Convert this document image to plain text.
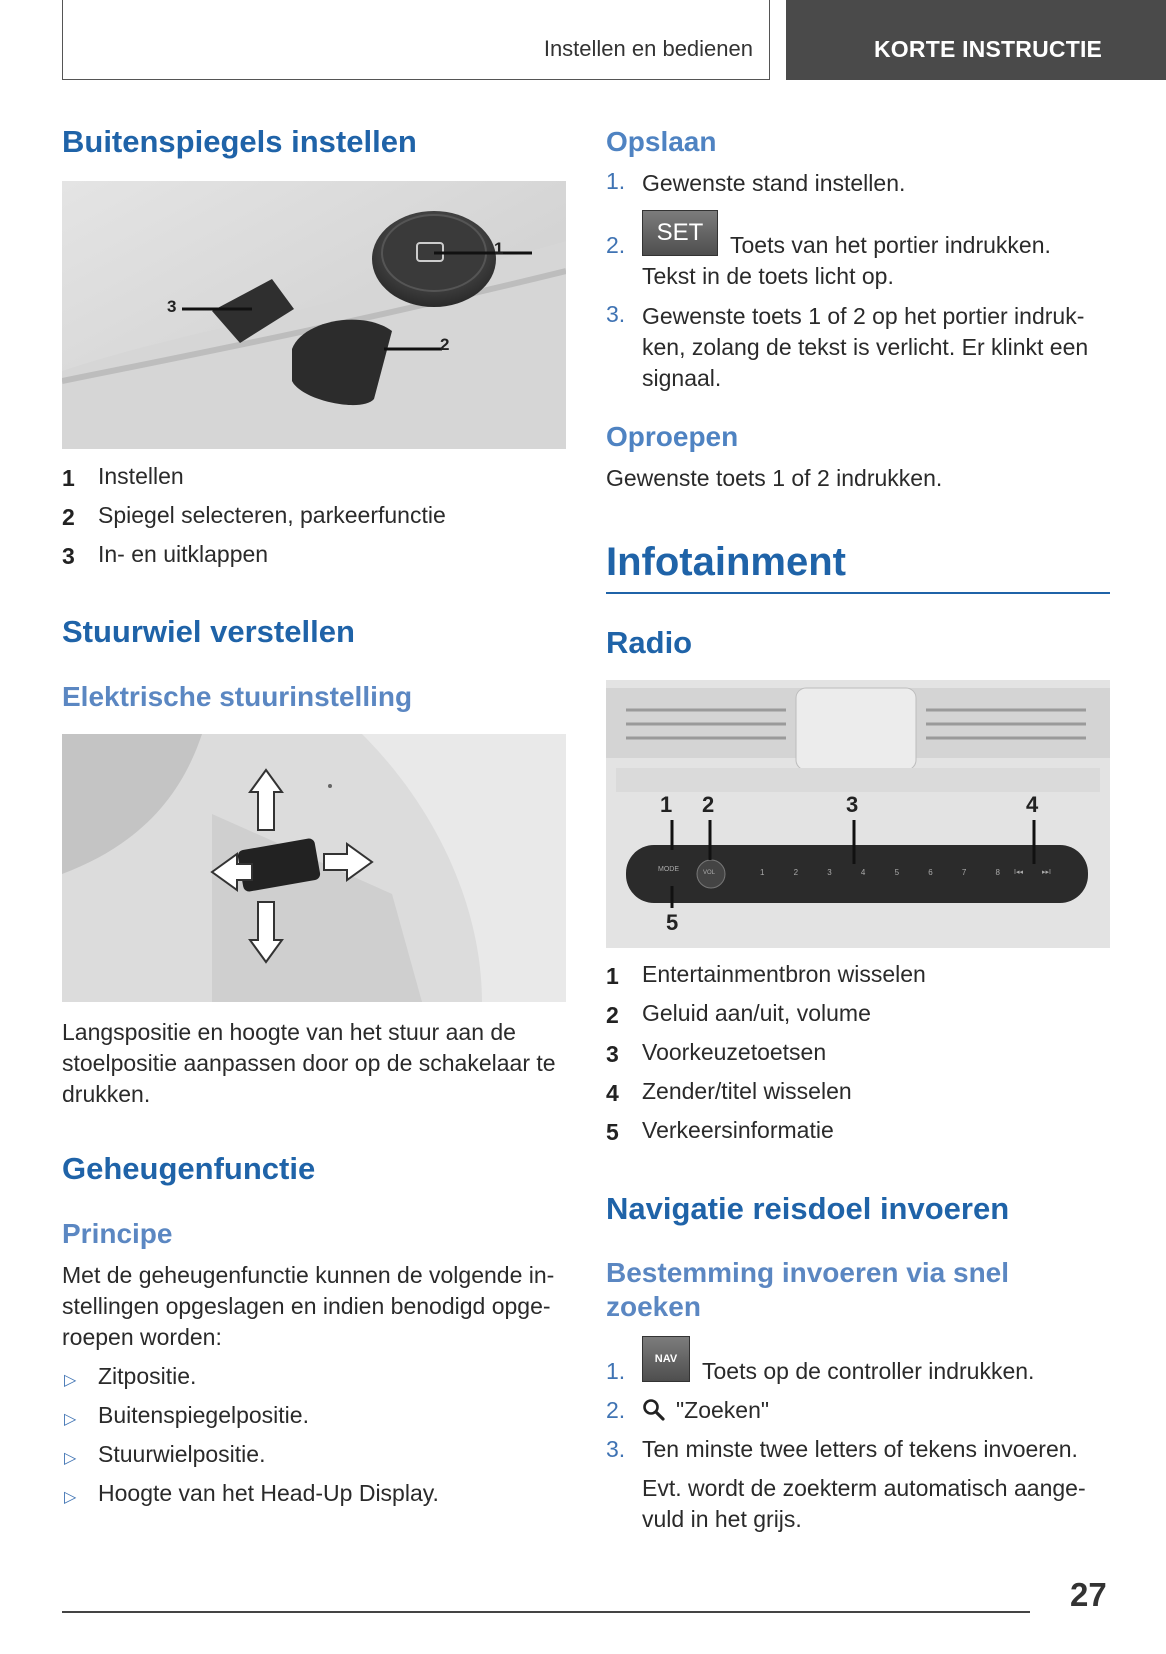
Instellen en bedienen	KORTE INSTRUCTIE
Buitenspiegels instellen
1
2
3
1 Instellen
2 Spiegel selecteren, parkeerfunctie
3 In- en uitklappen
Stuurwiel verstellen
Elektrische stuurinstelling
Langspositie en hoogte van het stuur aan de
stoelpositie aanpassen door op de schakelaar te
drukken.
Geheugenfunctie
Principe
Met de geheugenfunctie kunnen de volgende in-
stellingen opgeslagen en indien benodigd opge-
roepen worden:
▷ Zitpositie.
▷ Buitenspiegelpositie.
▷ Stuurwielpositie.
▷ Hoogte van het Head-Up Display.
Opslaan
1. Gewenste stand instellen.
2. SET Toets van het portier indrukken.
Tekst in de toets licht op.
3. Gewenste toets 1 of 2 op het portier indruk-
ken, zolang de tekst is verlicht. Er klinkt een
signaal.
Oproepen
Gewenste toets 1 of 2 indrukken.
Infotainment
Radio
1 2	3	4
5
MODE	VOL	1	2	3	4	5	6	7	8 I◂◂	▸▸I
1 Entertainmentbron wisselen
2 Geluid aan/uit, volume
3 Voorkeuzetoetsen
4 Zender/titel wisselen
5 Verkeersinformatie
Navigatie reisdoel invoeren
Bestemming invoeren via snel
zoeken
1.	NAV Toets op de controller indrukken.
2. "Zoeken"
3. Ten minste twee letters of tekens invoeren.
Evt. wordt de zoekterm automatisch aange-
vuld in het grijs.
27
